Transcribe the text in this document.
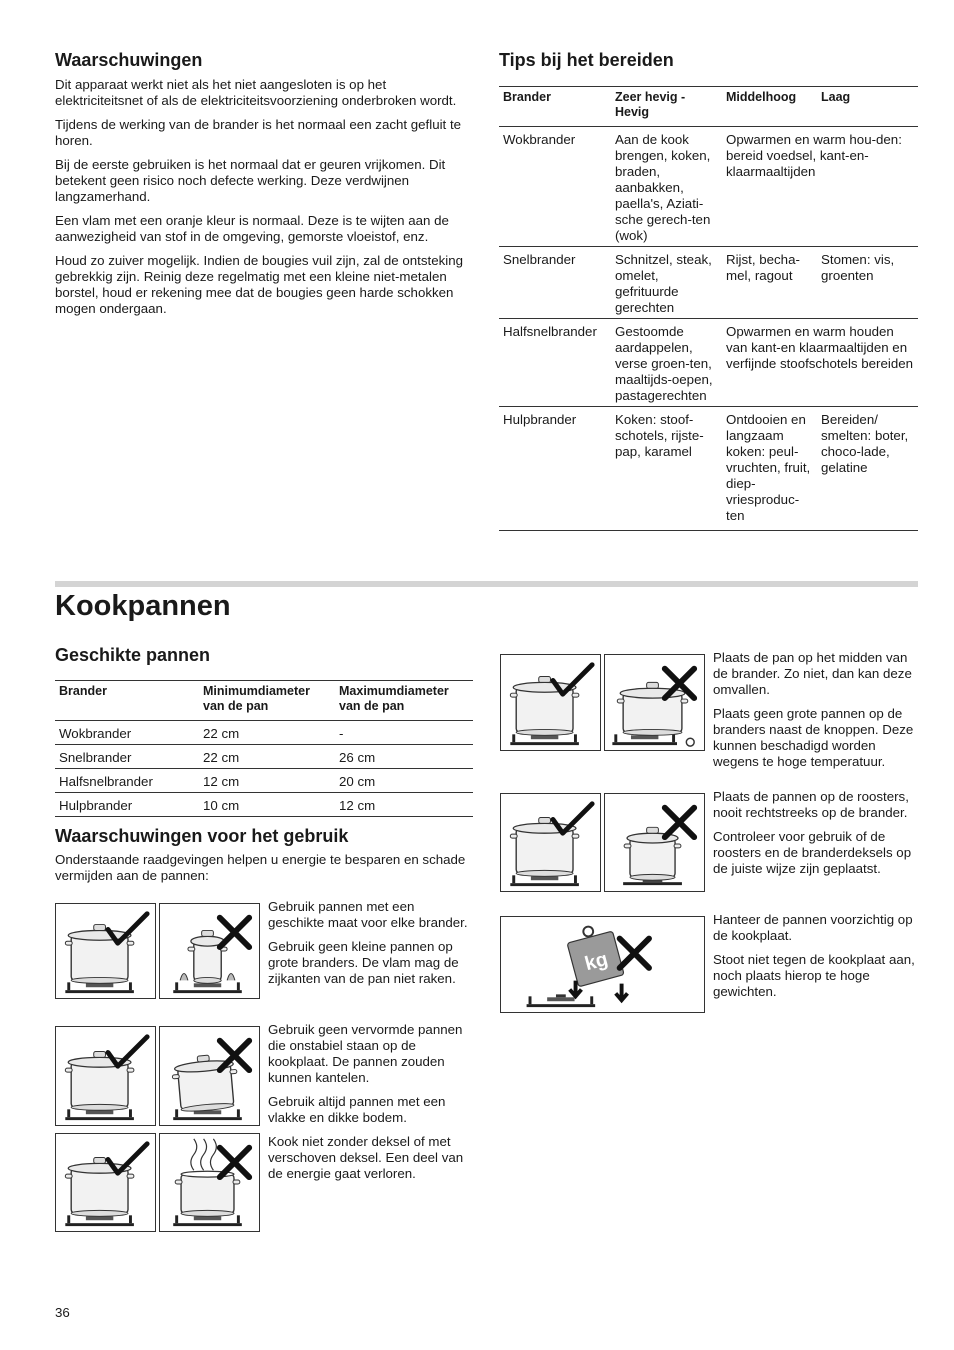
Waarschuwingen

Dit apparaat werkt niet als het niet aangesloten is op het elektriciteitsnet of als de elektriciteitsvoorziening onderbroken wordt.

Tijdens de werking van de brander is het normaal een zacht gefluit te horen.

Bij de eerste gebruiken is het normaal dat er geuren vrijkomen. Dit betekent geen risico noch defecte werking. Deze verdwijnen langzamerhand.

Een vlam met een oranje kleur is normaal. Deze is te wijten aan de aanwezigheid van stof in de omgeving, gemorste vloeistof, enz.

Houd zo zuiver mogelijk. Indien de bougies vuil zijn, zal de ontsteking gebrekkig zijn. Reinig deze regelmatig met een kleine niet-metalen borstel, houd er rekening mee dat de bougies geen harde schokken mogen ondergaan.

Tips bij het bereiden
Brander	Zeer hevig - Hevig	Middelhoog	Laag
Wokbrander	Aan de kook brengen, koken, braden, aanbakken, paella's, Aziati-sche gerech-ten (wok)	Opwarmen en warm hou-den: bereid voedsel, kant-en-klaarmaaltijden	
Snelbrander	Schnitzel, steak, omelet, gefrituurde gerechten	Rijst, becha-mel, ragout	Stomen: vis, groenten
Halfsnelbrander	Gestoomde aardappelen, verse groen-ten, maaltijds-oepen, pastagerechten	Opwarmen en warm houden van kant-en klaarmaaltijden en verfijnde stoofschotels bereiden	
Hulpbrander	Koken: stoof-schotels, rijste-pap, karamel	Ontdooien en langzaam koken: peul-vruchten, fruit, diep-vriesproduc-ten	Bereiden/ smelten: boter, choco-lade, gelatine
Kookpannen
Geschikte pannen
Brander	Minimumdiameter van de pan	Maximumdiameter van de pan
Wokbrander	22 cm	-
Snelbrander	22 cm	26 cm
Halfsnelbrander	12 cm	20 cm
Hulpbrander	10 cm	12 cm
Waarschuwingen voor het gebruik

Onderstaande raadgevingen helpen u energie te besparen en schade vermijden aan de pannen:

Gebruik pannen met een geschikte maat voor elke brander.

Gebruik geen kleine pannen op grote branders. De vlam mag de zijkanten van de pan niet raken.

Gebruik geen vervormde pannen die onstabiel staan op de kookplaat. De pannen zouden kunnen kantelen.

Gebruik altijd pannen met een vlakke en dikke bodem.

Kook niet zonder deksel of met verschoven deksel. Een deel van de energie gaat verloren.

kg

Plaats de pan op het midden van de brander. Zo niet, dan kan deze omvallen.

Plaats geen grote pannen op de branders naast de knoppen. Deze kunnen beschadigd worden wegens te hoge temperatuur.

Plaats de pannen op de roosters, nooit rechtstreeks op de brander.

Controleer voor gebruik of de roosters en de branderdeksels op de juiste wijze zijn geplaatst.

Hanteer de pannen voorzichtig op de kookplaat.

Stoot niet tegen de kookplaat aan, noch plaats hierop te hoge gewichten.

36
